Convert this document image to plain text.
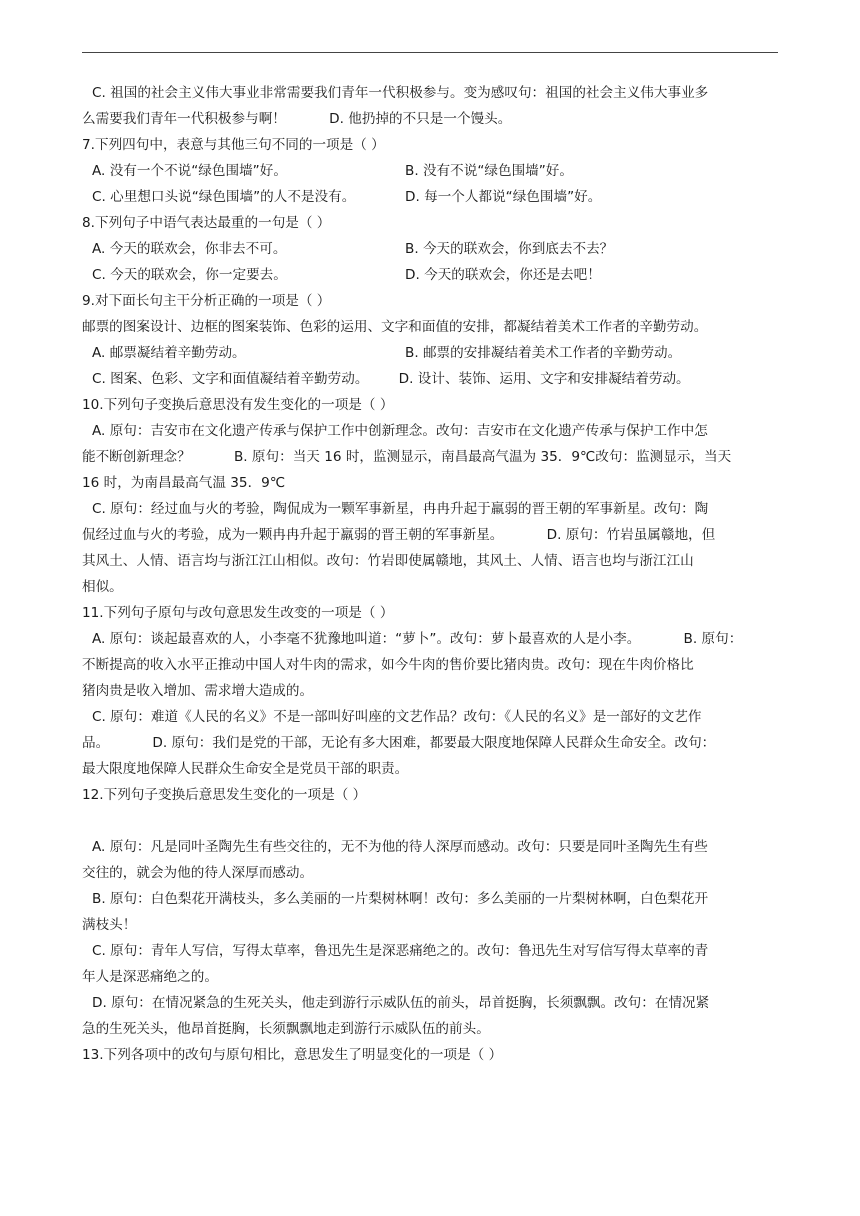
C. 祖国的社会主义伟大事业非常需要我们青年一代积极参与。变为感叹句：祖国的社会主义伟大事业多

么需要我们青年一代积极参与啊！          D. 他扔掉的不只是一个馒头。

7.下列四句中，表意与其他三句不同的一项是（ ）

A. 没有一个不说“绿色围墙”好。	B. 没有不说“绿色围墙”好。
C. 心里想口头说“绿色围墙”的人不是没有。	D. 每一个人都说“绿色围墙”好。

8.下列句子中语气表达最重的一句是（ ）

A. 今天的联欢会，你非去不可。	B. 今天的联欢会，你到底去不去？
C. 今天的联欢会，你一定要去。	D. 今天的联欢会，你还是去吧！

9.对下面长句主干分析正确的一项是（ ）

邮票的图案设计、边框的图案装饰、色彩的运用、文字和面值的安排，都凝结着美术工作者的辛勤劳动。

A. 邮票凝结着辛勤劳动。	B. 邮票的安排凝结着美术工作者的辛勤劳动。

C. 图案、色彩、文字和面值凝结着辛勤劳动。       D. 设计、装饰、运用、文字和安排凝结着劳动。

10.下列句子变换后意思没有发生变化的一项是（ ）

A. 原句：吉安市在文化遗产传承与保护工作中创新理念。改句：吉安市在文化遗产传承与保护工作中怎

能不断创新理念？          B. 原句：当天 16 时，监测显示，南昌最高气温为 35．9℃改句：监测显示，当天

16 时，为南昌最高气温 35．9℃

C. 原句：经过血与火的考验，陶侃成为一颗军事新星，冉冉升起于羸弱的晋王朝的军事新星。改句：陶

侃经过血与火的考验，成为一颗冉冉升起于羸弱的晋王朝的军事新星。          D. 原句：竹岩虽属赣地，但

其风土、人情、语言均与浙江江山相似。改句：竹岩即使属赣地，其风土、人情、语言也均与浙江江山

相似。

11.下列句子原句与改句意思发生改变的一项是（ ）

A. 原句：谈起最喜欢的人，小李毫不犹豫地叫道：“萝卜”。改句：萝卜最喜欢的人是小李。          B. 原句：

不断提高的收入水平正推动中国人对牛肉的需求，如今牛肉的售价要比猪肉贵。改句：现在牛肉价格比

猪肉贵是收入增加、需求增大造成的。

C. 原句：难道《人民的名义》不是一部叫好叫座的文艺作品？改句：《人民的名义》是一部好的文艺作

品。          D. 原句：我们是党的干部，无论有多大困难，都要最大限度地保障人民群众生命安全。改句：

最大限度地保障人民群众生命安全是党员干部的职责。

12.下列句子变换后意思发生变化的一项是（ ）

A. 原句：凡是同叶圣陶先生有些交往的，无不为他的待人深厚而感动。改句：只要是同叶圣陶先生有些

交往的，就会为他的待人深厚而感动。

B. 原句：白色梨花开满枝头，多么美丽的一片梨树林啊！改句：多么美丽的一片梨树林啊，白色梨花开

满枝头！

C. 原句：青年人写信，写得太草率，鲁迅先生是深恶痛绝之的。改句：鲁迅先生对写信写得太草率的青

年人是深恶痛绝之的。

D. 原句：在情况紧急的生死关头，他走到游行示威队伍的前头，昂首挺胸，长须飘飘。改句：在情况紧

急的生死关头，他昂首挺胸，长须飘飘地走到游行示威队伍的前头。

13.下列各项中的改句与原句相比，意思发生了明显变化的一项是（ ）
